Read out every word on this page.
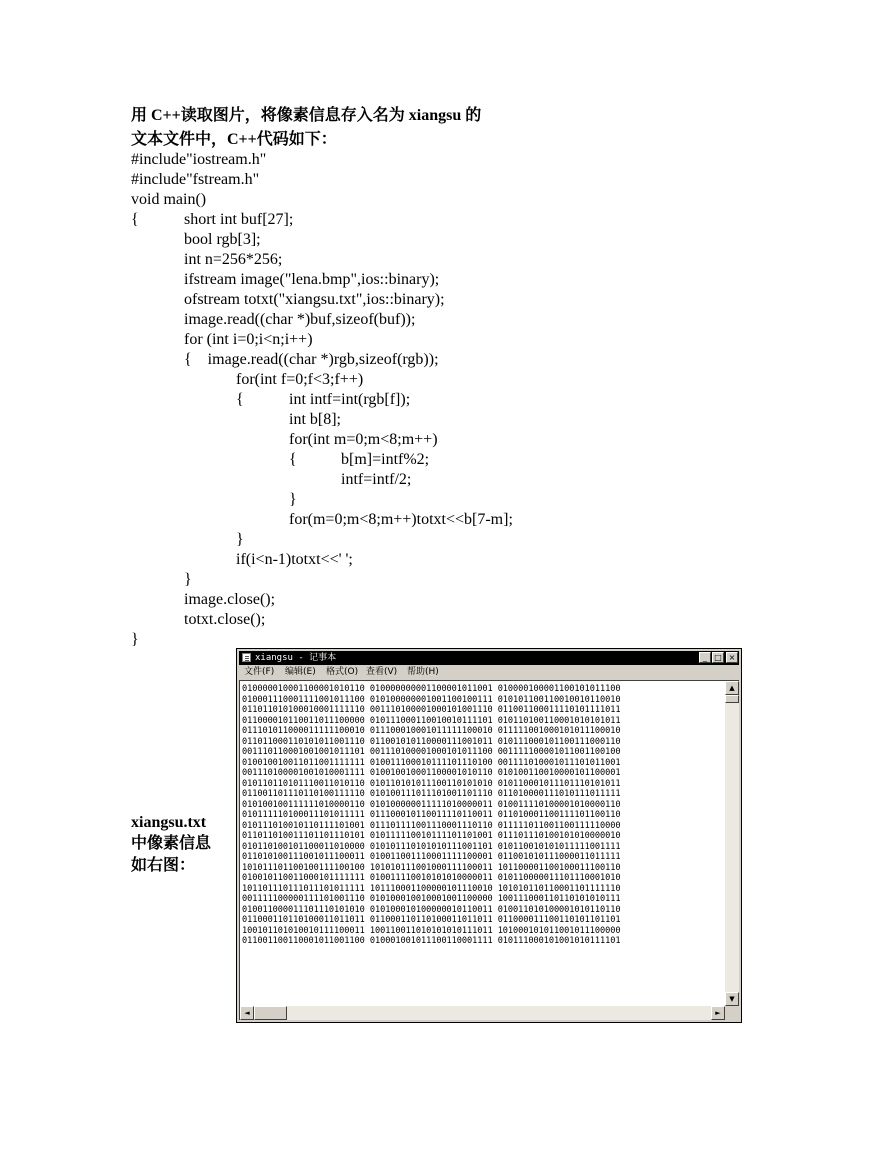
用 C++读取图片，将像素信息存入名为 xiangsu 的
文本文件中，C++代码如下：
#include"iostream.h"
#include"fstream.h"
void main()
{	short int buf[27];
bool rgb[3];
int n=256*256;
ifstream image("lena.bmp",ios::binary);
ofstream totxt("xiangsu.txt",ios::binary);
image.read((char *)buf,sizeof(buf));
for (int i=0;i<n;i++)
{    image.read((char *)rgb,sizeof(rgb));
for(int f=0;f<3;f++)
{	int intf=int(rgb[f]);
int b[8];
for(int m=0;m<8;m++)
{	b[m]=intf%2;
intf=intf/2;
}
for(m=0;m<8;m++)totxt<<b[7-m];
}
if(i<n-1)totxt<<' ';
}
image.close();
totxt.close();
}
xiangsu.txt
中像素信息
如右图：
xiangsu - 记事本	_ □ ×
文件(F) 编辑(E) 格式(O) 查看(V) 帮助(H)
010000010001100001010110 010000000001100001011001 010000100001100101011100
010001110001111001011100 010100000001001100100111 010101100110010010110010
011011010100010001111110 001110100001000101001110 011001100011110101111011
011000010110011011100000 010111000110010010111101 010110100110001010101011
011101011000011111100010 011100010001011111100010 011111001000101011100010
011011000110101011001110 011001010110000111001011 010111000101100111000110
001110110001001001011101 001110100001000101011100 001111100001011001100100
010010010011011001111111 010011100010111101110100 001111010001011101011001
001110100001001010001111 010010010001100001010110 010100110010000101100001
010110110101110011010110 010110101011100110101010 010110001011101110101011
011001101110110100111110 010100111011101001101110 011010000111010111011111
010100100111111010000110 010100000011111010000011 010011110100001010000110
010111110100011101011111 011100010110011110110011 011010001100111101100110
010111010010110111101001 011101111001110001110110 011111011001100111110000
011011010011101101110101 010111110010111101101001 011101110100101010000010
010110100101100011010000 010101110101010111001101 010110010101011111001111
011010100111001011100011 010011001110001111100001 011001010111000011011111
101011101100100111100100 101010111001000111100011 101100001100100011100110
010010110011000101111111 010011110010101010000011 010110000011101110001010
101101110111011101011111 101110001100000101110010 101010110110001101111110
001111100000111101001110 010100010010001001100000 100111000110110101010111
010011000011101110101010 010100010100000010110011 010011010100001010110110
011000110110100011011011 011000110110100011011011 011000011100110101101101
100101101010010111100011 100110011010101010111011 101000101011001011100000
011001100110001011001100 010001001011100110001111 010111000101001010111101
▲
▼
◄	►
